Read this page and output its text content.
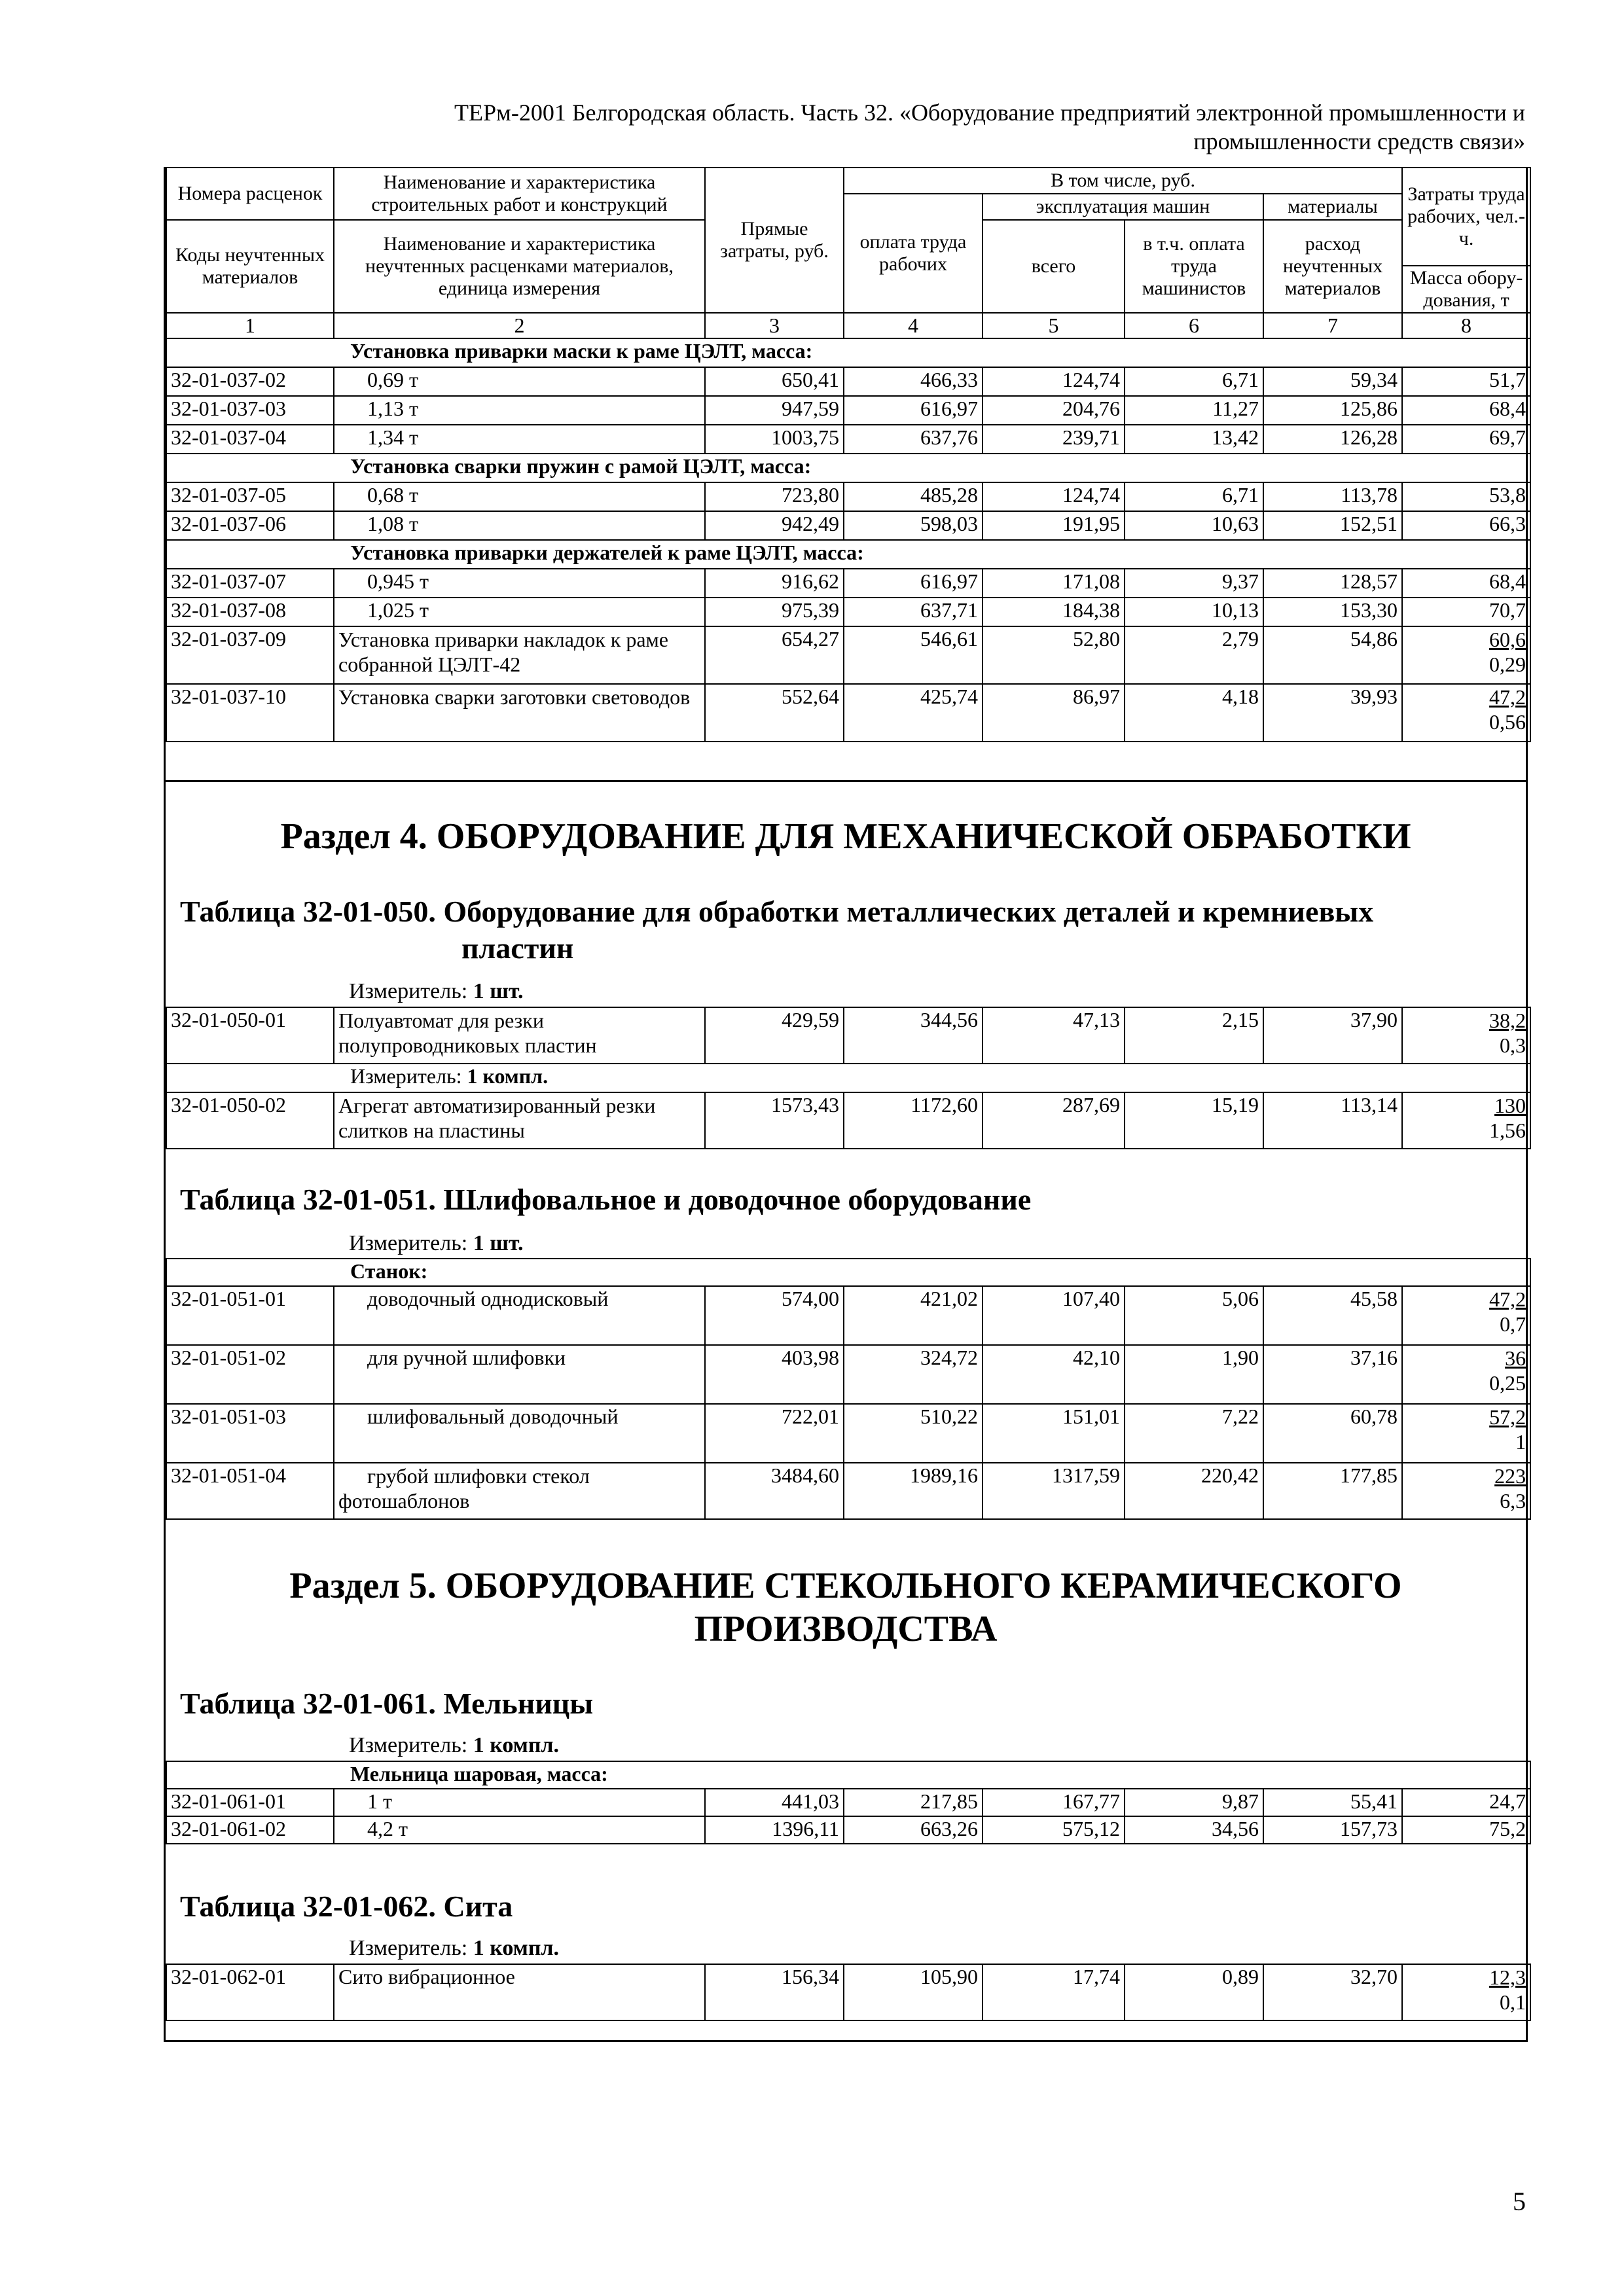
ТЕРм-2001 Белгородская область. Часть 32. «Оборудование предприятий электронной промышленности и
промышленности средств связи»
Номера расценок	Наименование и характеристика строительных работ и конструкций	Прямые затраты, руб.	В том числе, руб.				Затраты труда рабочих, чел.-ч.
			оплата труда рабочих	эксплуатация машин		материалы	
Коды неучтенных материалов	Наименование и характеристика неучтенных расценками материалов, единица измерения			всего	в т.ч. оплата труда машинистов	расход неучтенных материалов	
							Масса обору-дования, т
1	2	3	4	5	6	7	8
Установка приварки маски к раме ЦЭЛТ, масса:							
32-01-037-02	0,69 т	650,41	466,33	124,74	6,71	59,34	51,7
32-01-037-03	1,13 т	947,59	616,97	204,76	11,27	125,86	68,4
32-01-037-04	1,34 т	1003,75	637,76	239,71	13,42	126,28	69,7
Установка сварки пружин с рамой ЦЭЛТ, масса:							
32-01-037-05	0,68 т	723,80	485,28	124,74	6,71	113,78	53,8
32-01-037-06	1,08 т	942,49	598,03	191,95	10,63	152,51	66,3
Установка приварки держателей к раме ЦЭЛТ, масса:							
32-01-037-07	0,945 т	916,62	616,97	171,08	9,37	128,57	68,4
32-01-037-08	1,025 т	975,39	637,71	184,38	10,13	153,30	70,7
32-01-037-09	Установка приварки накладок к раме собранной ЦЭЛТ-42	654,27	546,61	52,80	2,79	54,86	60,6
0,29

32-01-037-10	Установка сварки заготовки световодов	552,64	425,74	86,97	4,18	39,93	47,2
0,56
Раздел 4. ОБОРУДОВАНИЕ ДЛЯ МЕХАНИЧЕСКОЙ ОБРАБОТКИ
Таблица 32-01-050. Оборудование для обработки металлических деталей и кремниевых
пластин
Измеритель: 1 шт.
32-01-050-01	Полуавтомат для резки полупроводниковых пластин	429,59	344,56	47,13	2,15	37,90	38,2
0,3

Измеритель: 1 компл.							
32-01-050-02	Агрегат автоматизированный резки слитков на пластины	1573,43	1172,60	287,69	15,19	113,14	130
1,56
Таблица 32-01-051. Шлифовальное и доводочное оборудование
Измеритель: 1 шт.
Станок:							
32-01-051-01	доводочный однодисковый	574,00	421,02	107,40	5,06	45,58	47,2
0,7

32-01-051-02	для ручной шлифовки	403,98	324,72	42,10	1,90	37,16	36
0,25

32-01-051-03	шлифовальный доводочный	722,01	510,22	151,01	7,22	60,78	57,2
1

32-01-051-04	грубой шлифовки стекол фотошаблонов	3484,60	1989,16	1317,59	220,42	177,85	223
6,3
Раздел 5. ОБОРУДОВАНИЕ СТЕКОЛЬНОГО КЕРАМИЧЕСКОГО
ПРОИЗВОДСТВА
Таблица 32-01-061. Мельницы
Измеритель: 1 компл.
Мельница шаровая, масса:							
32-01-061-01	1 т	441,03	217,85	167,77	9,87	55,41	24,7
32-01-061-02	4,2 т	1396,11	663,26	575,12	34,56	157,73	75,2
Таблица 32-01-062. Сита
Измеритель: 1 компл.
32-01-062-01	Сито вибрационное	156,34	105,90	17,74	0,89	32,70	12,3
0,1
5
